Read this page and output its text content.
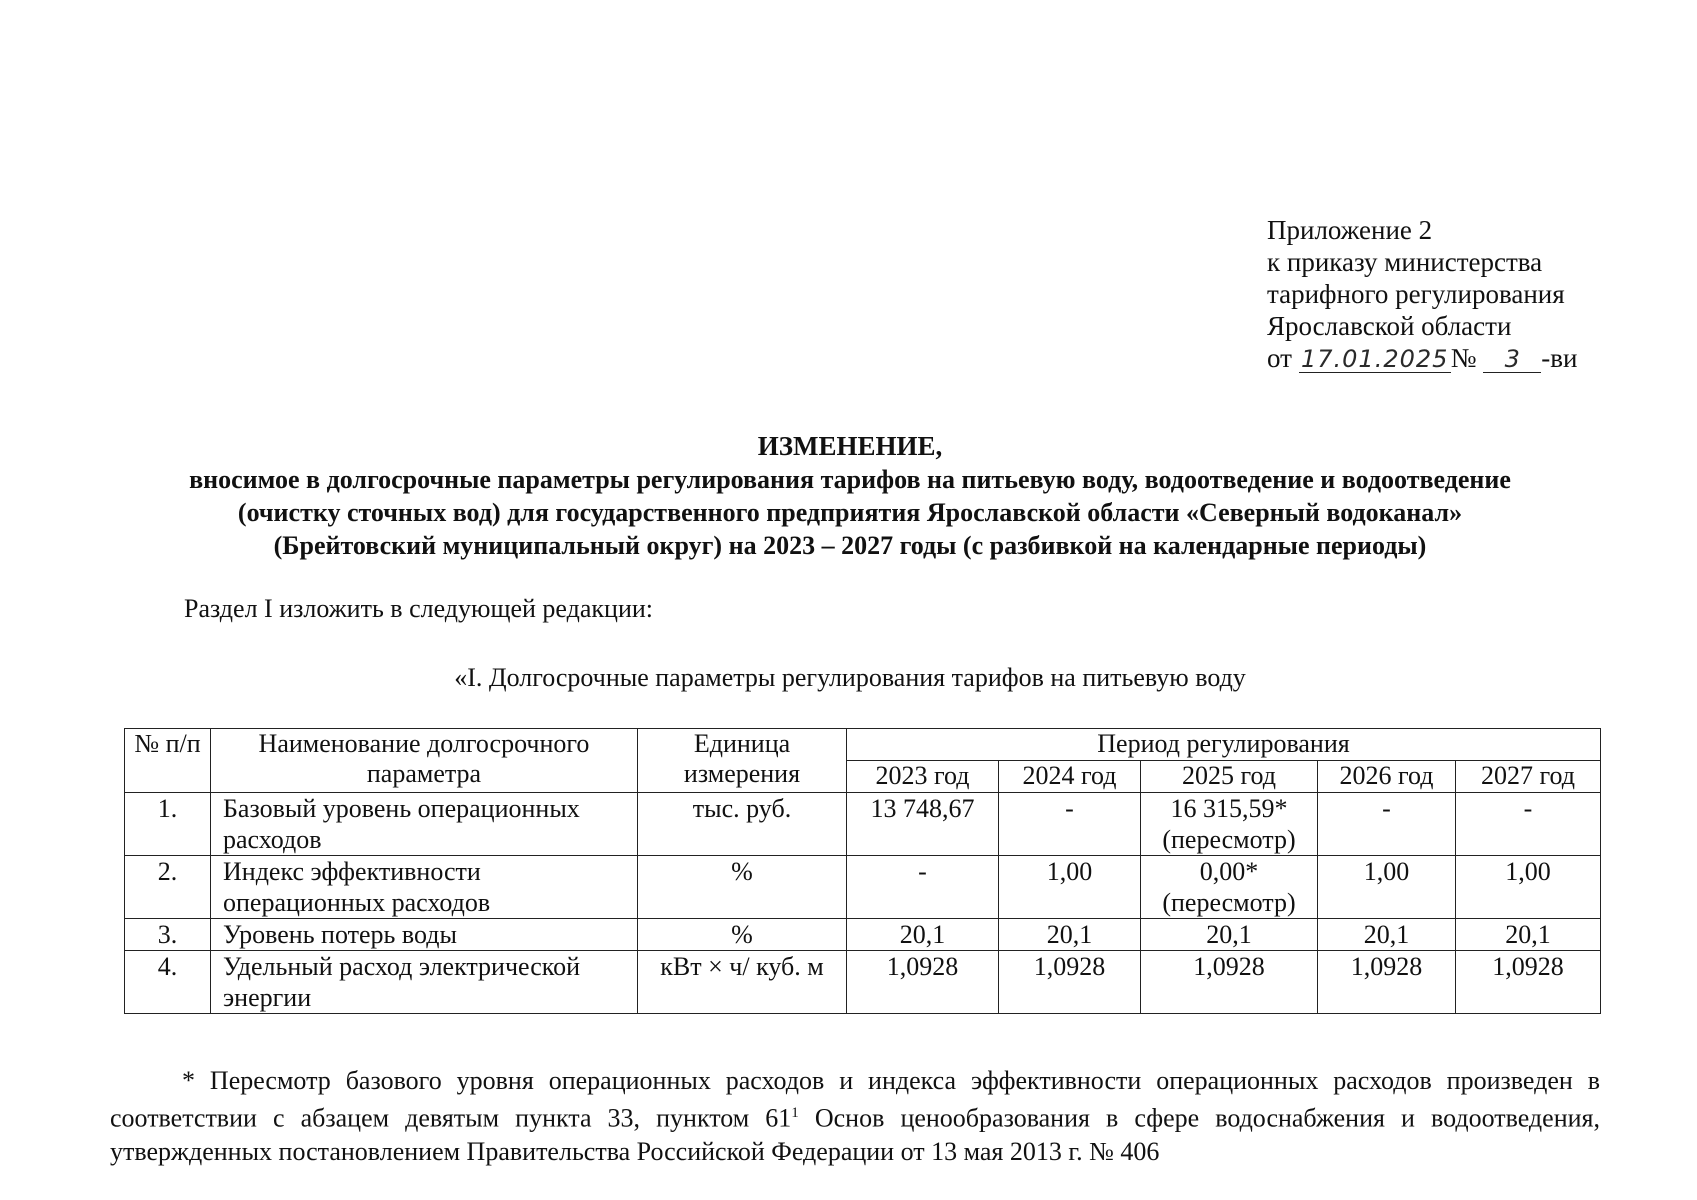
Приложение 2
к приказу министерства
тарифного регулирования
Ярославской области
от 17.01.2025№ 3 -ви
ИЗМЕНЕНИЕ,
вносимое в долгосрочные параметры регулирования тарифов на питьевую воду, водоотведение и водоотведение
(очистку сточных вод) для государственного предприятия Ярославской области «Северный водоканал»
(Брейтовский муниципальный округ) на 2023 – 2027 годы (с разбивкой на календарные периоды)
Раздел I изложить в следующей редакции:
«I. Долгосрочные параметры регулирования тарифов на питьевую воду
№ п/п	Наименование долгосрочного параметра	Единица измерения	Период регулирования				
			2023 год	2024 год	2025 год	2026 год	2027 год
1.	Базовый уровень операционных расходов	тыс. руб.	13 748,67	-	16 315,59* (пересмотр)	-	-
2.	Индекс эффективности операционных расходов	%	-	1,00	0,00* (пересмотр)	1,00	1,00
3.	Уровень потерь воды	%	20,1	20,1	20,1	20,1	20,1
4.	Удельный расход электрической энергии	кВт × ч/ куб. м	1,0928	1,0928	1,0928	1,0928	1,0928
* Пересмотр базового уровня операционных расходов и индекса эффективности операционных расходов произведен в соответствии с абзацем девятым пункта 33, пунктом $61^1$ Основ ценообразования в сфере водоснабжения и водоотведения, утвержденных постановлением Правительства Российской Федерации от 13 мая 2013 г. № 406
